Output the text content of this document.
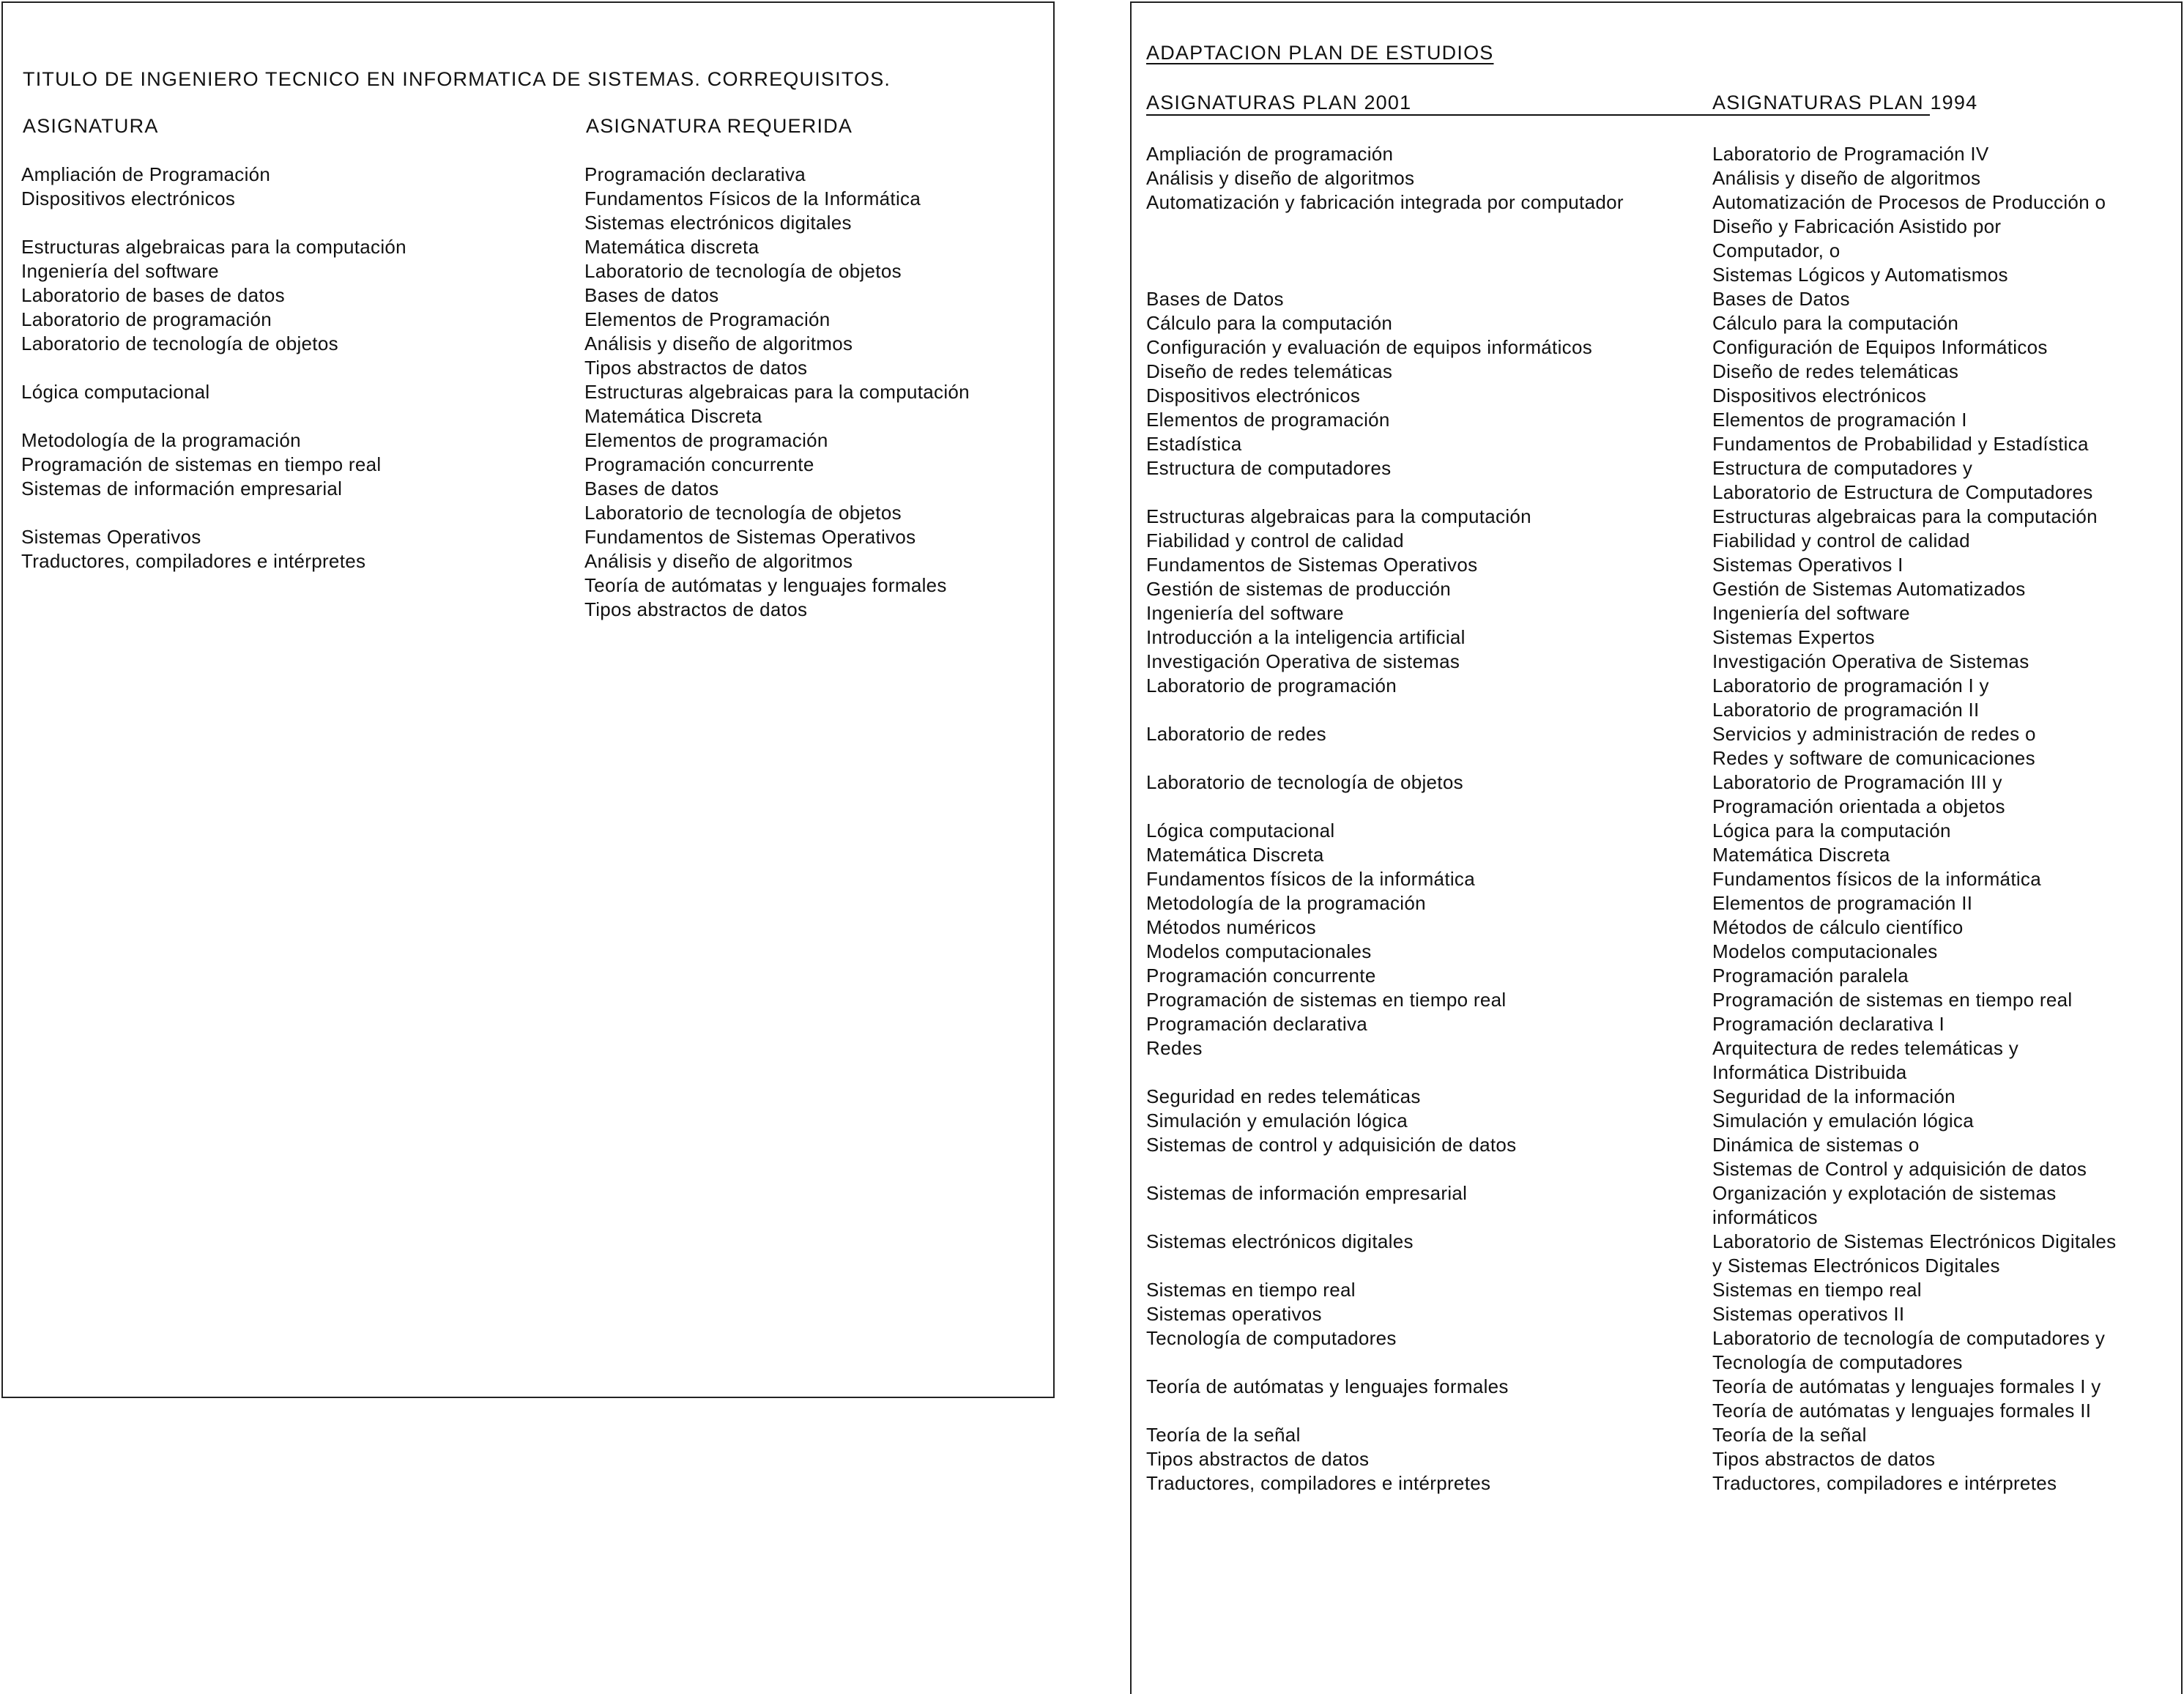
TITULO DE INGENIERO TECNICO EN INFORMATICA DE SISTEMAS. CORREQUISITOS.
ASIGNATURA	ASIGNATURA REQUERIDA
Ampliación de Programación
Dispositivos electrónicos
Estructuras algebraicas para la computación
Ingeniería del software
Laboratorio de bases de datos
Laboratorio de programación
Laboratorio de tecnología de objetos
Lógica computacional
Metodología de la programación
Programación de sistemas en tiempo real
Sistemas de información empresarial
Sistemas Operativos
Traductores, compiladores e intérpretes
Programación declarativa
Fundamentos Físicos de la Informática
Sistemas electrónicos digitales
Matemática discreta
Laboratorio de tecnología de objetos
Bases de datos
Elementos de Programación
Análisis y diseño de algoritmos
Tipos abstractos de datos
Estructuras algebraicas para la computación
Matemática Discreta
Elementos de programación
Programación concurrente
Bases de datos
Laboratorio de tecnología de objetos
Fundamentos de Sistemas Operativos
Análisis y diseño de algoritmos
Teoría de autómatas y lenguajes formales
Tipos abstractos de datos
ADAPTACION PLAN DE ESTUDIOS
ASIGNATURAS PLAN 2001	ASIGNATURAS PLAN 1994
Ampliación de programación
Análisis y diseño de algoritmos
Automatización y fabricación integrada por computador
Bases de Datos
Cálculo para la computación
Configuración y evaluación de equipos informáticos
Diseño de redes telemáticas
Dispositivos electrónicos
Elementos de programación
Estadística
Estructura de computadores
Estructuras algebraicas para la computación
Fiabilidad y control de calidad
Fundamentos de Sistemas Operativos
Gestión de sistemas de producción
Ingeniería del software
Introducción a la inteligencia artificial
Investigación Operativa de sistemas
Laboratorio de programación
Laboratorio de redes
Laboratorio de tecnología de objetos
Lógica computacional
Matemática Discreta
Fundamentos físicos de la informática
Metodología de la programación
Métodos numéricos
Modelos computacionales
Programación concurrente
Programación de sistemas en tiempo real
Programación declarativa
Redes
Seguridad en redes telemáticas
Simulación y emulación lógica
Sistemas de control y adquisición de datos
Sistemas de información empresarial
Sistemas electrónicos digitales
Sistemas en tiempo real
Sistemas operativos
Tecnología de computadores
Teoría de autómatas y lenguajes formales
Teoría de la señal
Tipos abstractos de datos
Traductores, compiladores e intérpretes
Laboratorio de Programación IV
Análisis y diseño de algoritmos
Automatización de Procesos de Producción o
Diseño y Fabricación Asistido por
Computador, o
Sistemas Lógicos y Automatismos
Bases de Datos
Cálculo para la computación
Configuración de Equipos Informáticos
Diseño de redes telemáticas
Dispositivos electrónicos
Elementos de programación I
Fundamentos de Probabilidad y Estadística
Estructura de computadores y
Laboratorio de Estructura de Computadores
Estructuras algebraicas para la computación
Fiabilidad y control de calidad
Sistemas Operativos I
Gestión de Sistemas Automatizados
Ingeniería del software
Sistemas Expertos
Investigación Operativa de Sistemas
Laboratorio de programación I y
Laboratorio de programación II
Servicios y administración de redes o
Redes y software de comunicaciones
Laboratorio de Programación III y
Programación orientada a objetos
Lógica para la computación
Matemática Discreta
Fundamentos físicos de la informática
Elementos de programación II
Métodos de cálculo científico
Modelos computacionales
Programación paralela
Programación de sistemas en tiempo real
Programación declarativa I
Arquitectura de redes telemáticas y
Informática Distribuida
Seguridad de la información
Simulación y emulación lógica
Dinámica de sistemas o
Sistemas de Control y adquisición de datos
Organización y explotación de sistemas
informáticos
Laboratorio de Sistemas Electrónicos Digitales
y Sistemas Electrónicos Digitales
Sistemas en tiempo real
Sistemas operativos II
Laboratorio de tecnología de computadores y
Tecnología de computadores
Teoría de autómatas y lenguajes formales I y
Teoría de autómatas y lenguajes formales II
Teoría de la señal
Tipos abstractos de datos
Traductores, compiladores e intérpretes
